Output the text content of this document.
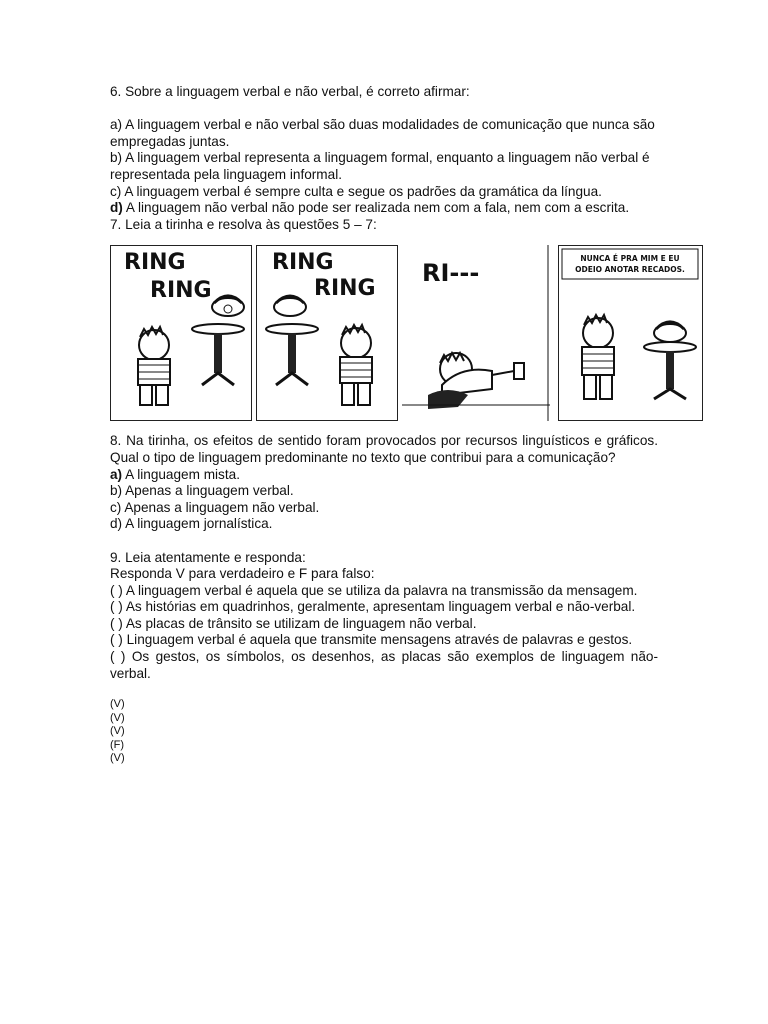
6. Sobre a linguagem verbal e não verbal, é correto afirmar:

a) A linguagem verbal e não verbal são duas modalidades de comunicação que nunca são empregadas juntas.

b) A linguagem verbal representa a linguagem formal, enquanto a linguagem não verbal é representada pela linguagem informal.

c) A linguagem verbal é sempre culta e segue os padrões da gramática da língua.

d) A linguagem não verbal não pode ser realizada nem com a fala, nem com a escrita.

7. Leia a tirinha e resolva às questões 5 – 7:

RING
RING
RING
RING
RI---
NUNCA É PRA MIM E EU
ODEIO ANOTAR RECADOS.

8. Na tirinha, os efeitos de sentido foram provocados por recursos linguísticos e gráficos. Qual o tipo de linguagem predominante no texto que contribui para a comunicação?

a) A linguagem mista.

b) Apenas a linguagem verbal.

c) Apenas a linguagem não verbal.

d) A linguagem jornalística.

9. Leia atentamente e responda:

Responda V para verdadeiro e F para falso:

( ) A linguagem verbal é aquela que se utiliza da palavra na transmissão da mensagem.

( ) As histórias em quadrinhos, geralmente, apresentam linguagem verbal e não-verbal.

( ) As placas de trânsito se utilizam de linguagem não verbal.

( ) Linguagem verbal é aquela que transmite mensagens através de palavras e gestos.

( ) Os gestos, os símbolos, os desenhos, as placas são exemplos de linguagem não-verbal.

(V)

(V)

(V)

(F)

(V)
